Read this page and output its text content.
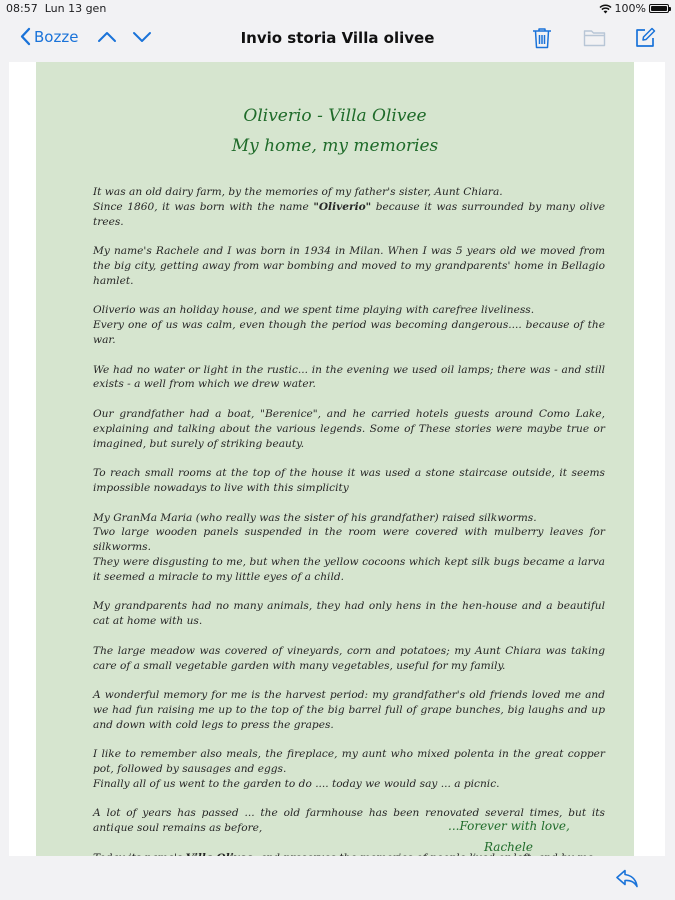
08:57 Lun 13 gen	100%
Bozze	Invio storia Villa olivee
Oliverio - Villa Olivee
My home, my memories

It was an old dairy farm, by the memories of my father's sister, Aunt Chiara.
Since 1860, it was born with the name "Oliverio" because it was surrounded by many olive trees.

My name's Rachele and I was born in 1934 in Milan. When I was 5 years old we moved from the big city, getting away from war bombing and moved to my grandparents' home in Bellagio hamlet.

Oliverio was an holiday house, and we spent time playing with carefree liveliness.
Every one of us was calm, even though the period was becoming dangerous.... because of the war.

We had no water or light in the rustic... in the evening we used oil lamps; there was - and still exists - a well from which we drew water.

Our grandfather had a boat, "Berenice", and he carried hotels guests around Como Lake, explaining and talking about the various legends. Some of These stories were maybe true or imagined, but surely of striking beauty.

To reach small rooms at the top of the house it was used a stone staircase outside, it seems impossible nowadays to live with this simplicity

My GranMa Maria (who really was the sister of his grandfather) raised silkworms.
Two large wooden panels suspended in the room were covered with mulberry leaves for silkworms.
They were disgusting to me, but when the yellow cocoons which kept silk bugs became a larva it seemed a miracle to my little eyes of a child.

My grandparents had no many animals, they had only hens in the hen-house and a beautiful cat at home with us.

The large meadow was covered of vineyards, corn and potatoes; my Aunt Chiara was taking care of a small vegetable garden with many vegetables, useful for my family.

A wonderful memory for me is the harvest period: my grandfather's old friends loved me and we had fun raising me up to the top of the big barrel full of grape bunches, big laughs and up and down with cold legs to press the grapes.

I like to remember also meals, the fireplace, my aunt who mixed polenta in the great copper pot, followed by sausages and eggs.
Finally all of us went to the garden to do .... today we would say ... a picnic.

A lot of years has passed ... the old farmhouse has been renovated several times, but its antique soul remains as before,	...Forever with love,
Rachele
